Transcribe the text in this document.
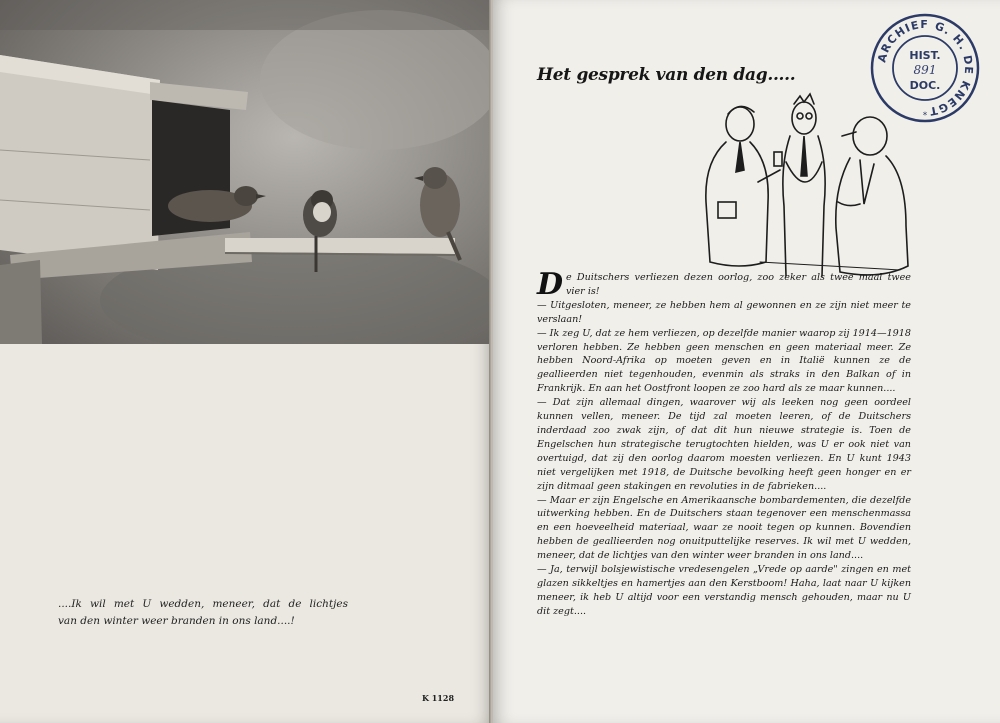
....Ik wil met U wedden, meneer, dat de lichtjes
van den winter weer branden in ons land....!
K 1128
Het gesprek van den dag.....
ARCHIEF G. H. DE KNEGT
HIST.
891
DOC.
*

De Duitschers verliezen dezen oorlog, zoo zeker als twee maal twee vier is!

— Uitgesloten, meneer, ze hebben hem al gewonnen en ze zijn niet meer te verslaan!

— Ik zeg U, dat ze hem verliezen, op dezelfde manier waarop zij 1914—1918 verloren hebben. Ze hebben geen menschen en geen materiaal meer. Ze hebben Noord-Afrika op moeten geven en in Italië kunnen ze de geallieerden niet tegenhouden, evenmin als straks in den Balkan of in Frankrijk. En aan het Oostfront loopen ze zoo hard als ze maar kunnen....

— Dat zijn allemaal dingen, waarover wij als leeken nog geen oordeel kunnen vellen, meneer. De tijd zal moeten leeren, of de Duitschers inderdaad zoo zwak zijn, of dat dit hun nieuwe strategie is. Toen de Engelschen hun strategische terugtochten hielden, was U er ook niet van overtuigd, dat zij den oorlog daarom moesten verliezen. En U kunt 1943 niet vergelijken met 1918, de Duitsche bevolking heeft geen honger en er zijn ditmaal geen stakingen en revoluties in de fabrieken....

— Maar er zijn Engelsche en Amerikaansche bombardementen, die dezelfde uitwerking hebben. En de Duitschers staan tegenover een menschenmassa en een hoeveelheid materiaal, waar ze nooit tegen op kunnen. Bovendien hebben de geallieerden nog onuitputtelijke reserves. Ik wil met U wedden, meneer, dat de lichtjes van den winter weer branden in ons land....

— Ja, terwijl bolsjewistische vredesengelen „Vrede op aarde" zingen en met glazen sikkeltjes en hamertjes aan den Kerstboom! Haha, laat naar U kijken meneer, ik heb U altijd voor een verstandig mensch gehouden, maar nu U dit zegt....
